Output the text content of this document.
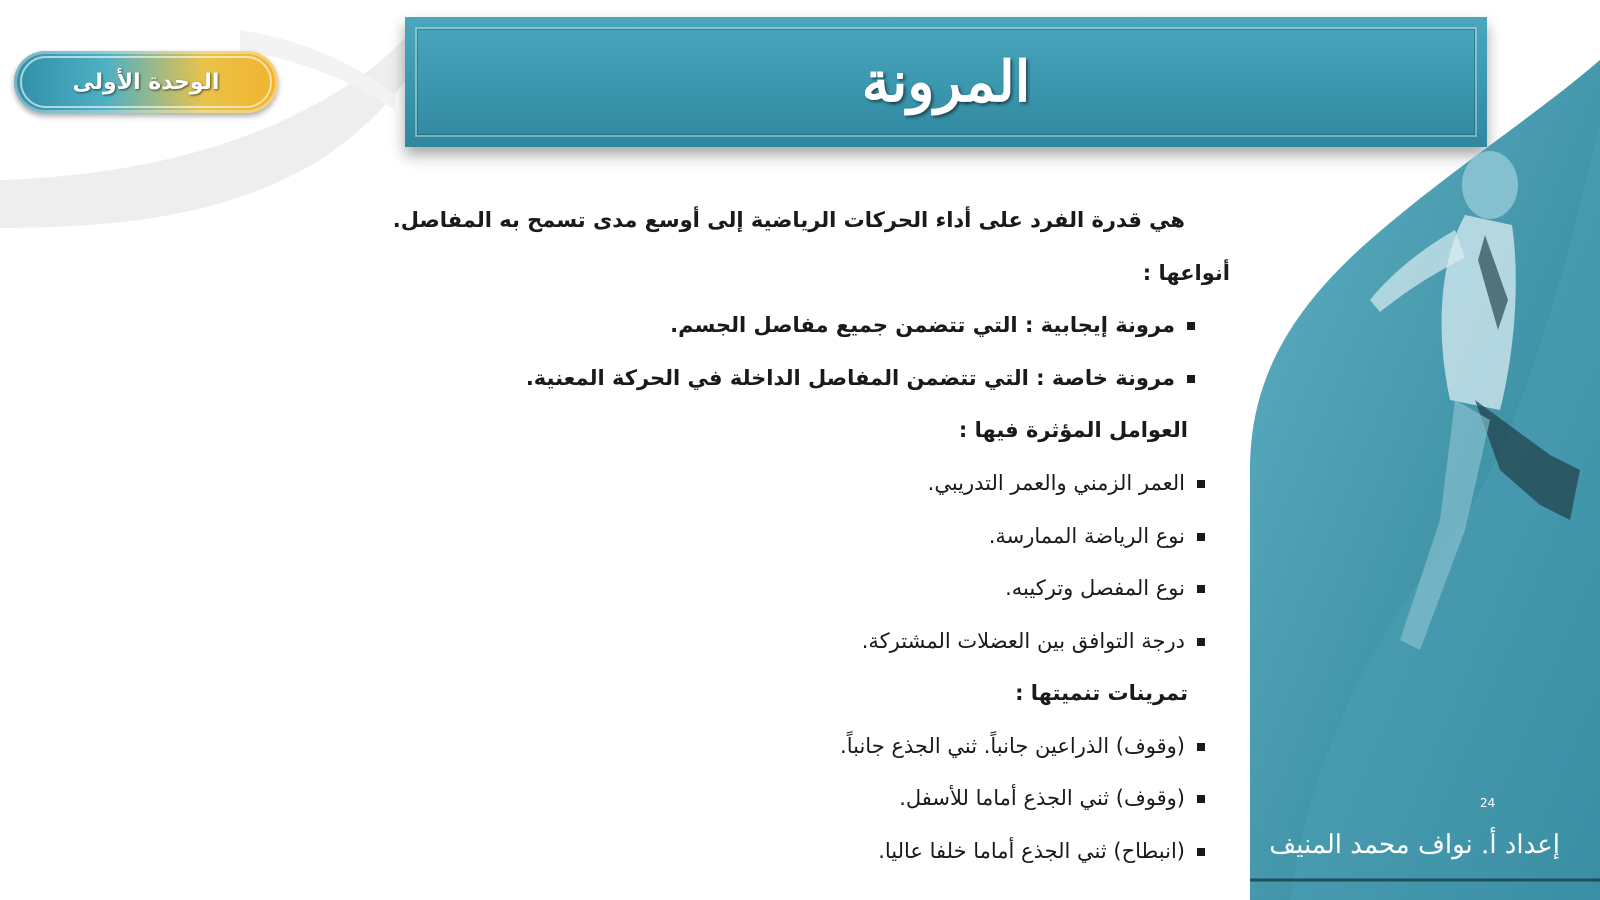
الوحدة الأولى	المرونة
هي قدرة الفرد على أداء الحركات الرياضية إلى أوسع مدى تسمح به المفاصل.
أنواعها :
مرونة إيجابية : التي تتضمن جميع مفاصل الجسم.
مرونة خاصة : التي تتضمن المفاصل الداخلة في الحركة المعنية.
العوامل المؤثرة فيها :
العمر الزمني والعمر التدريبي.
نوع الرياضة الممارسة.
نوع المفصل وتركيبه.
درجة التوافق بين العضلات المشتركة.
تمرينات تنميتها :
(وقوف) الذراعين جانباً. ثني الجذع جانباً.
(وقوف) ثني الجذع أماما للأسفل.
(انبطاح) ثني الجذع أماما خلفا عاليا.
24
إعداد أ. نواف محمد المنيف
